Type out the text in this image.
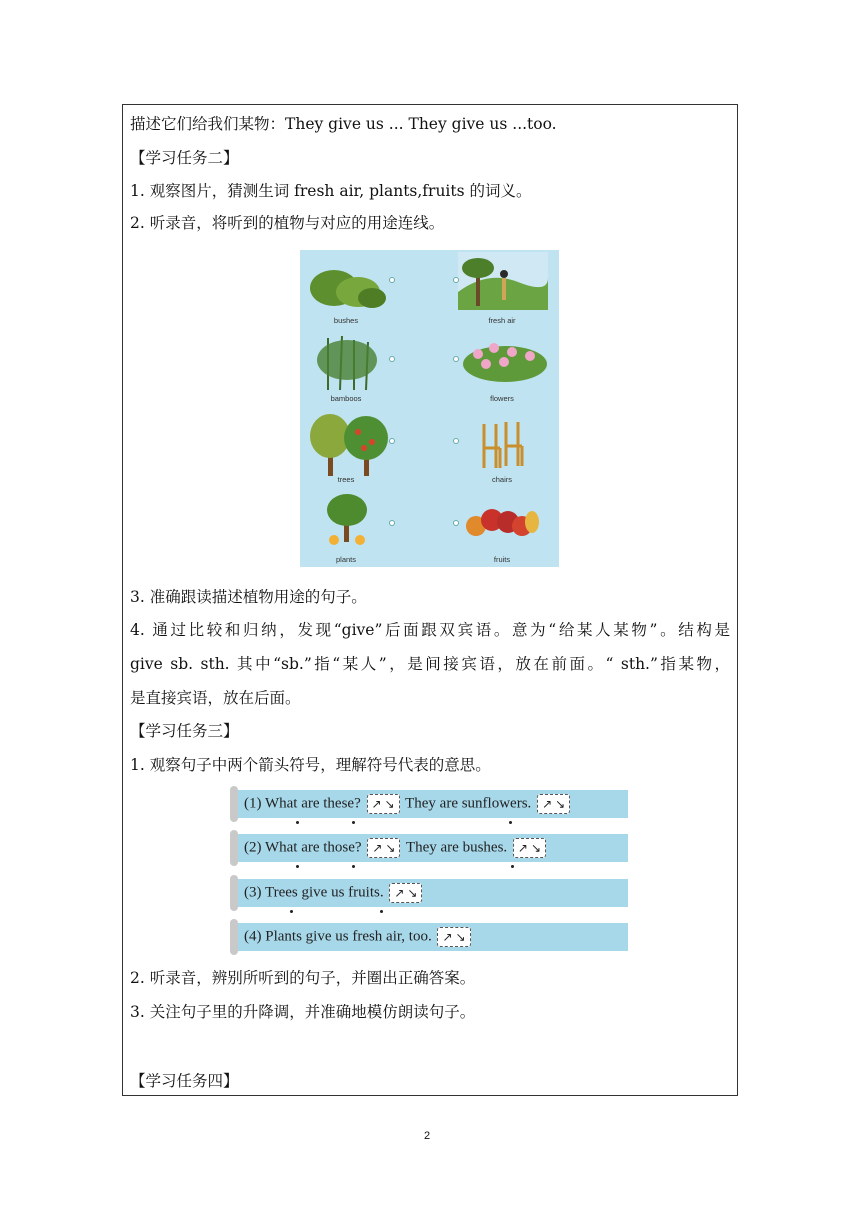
描述它们给我们某物：They give us ... They give us ...too.
【学习任务二】
1. 观察图片，猜测生词 fresh air, plants,fruits 的词义。
2. 听录音，将听到的植物与对应的用途连线。
bushes
bamboos
trees
plants
fresh air
flowers
chairs
fruits
3. 准确跟读描述植物用途的句子。
4. 通过比较和归纳，发现“give”后面跟双宾语。意为“给某人某物”。结构是
give sb. sth. 其中“sb.”指“某人”，是间接宾语，放在前面。“ sth.”指某物，
是直接宾语，放在后面。
【学习任务三】
1. 观察句子中两个箭头符号，理解符号代表的意思。
(1) What are these? ↗ ↘ They are sunflowers. ↗ ↘
(2) What are those? ↗ ↘ They are bushes. ↗ ↘
(3) Trees give us fruits. ↗ ↘
(4) Plants give us fresh air, too. ↗ ↘
2. 听录音，辨别所听到的句子，并圈出正确答案。
3. 关注句子里的升降调，并准确地模仿朗读句子。
【学习任务四】
2
